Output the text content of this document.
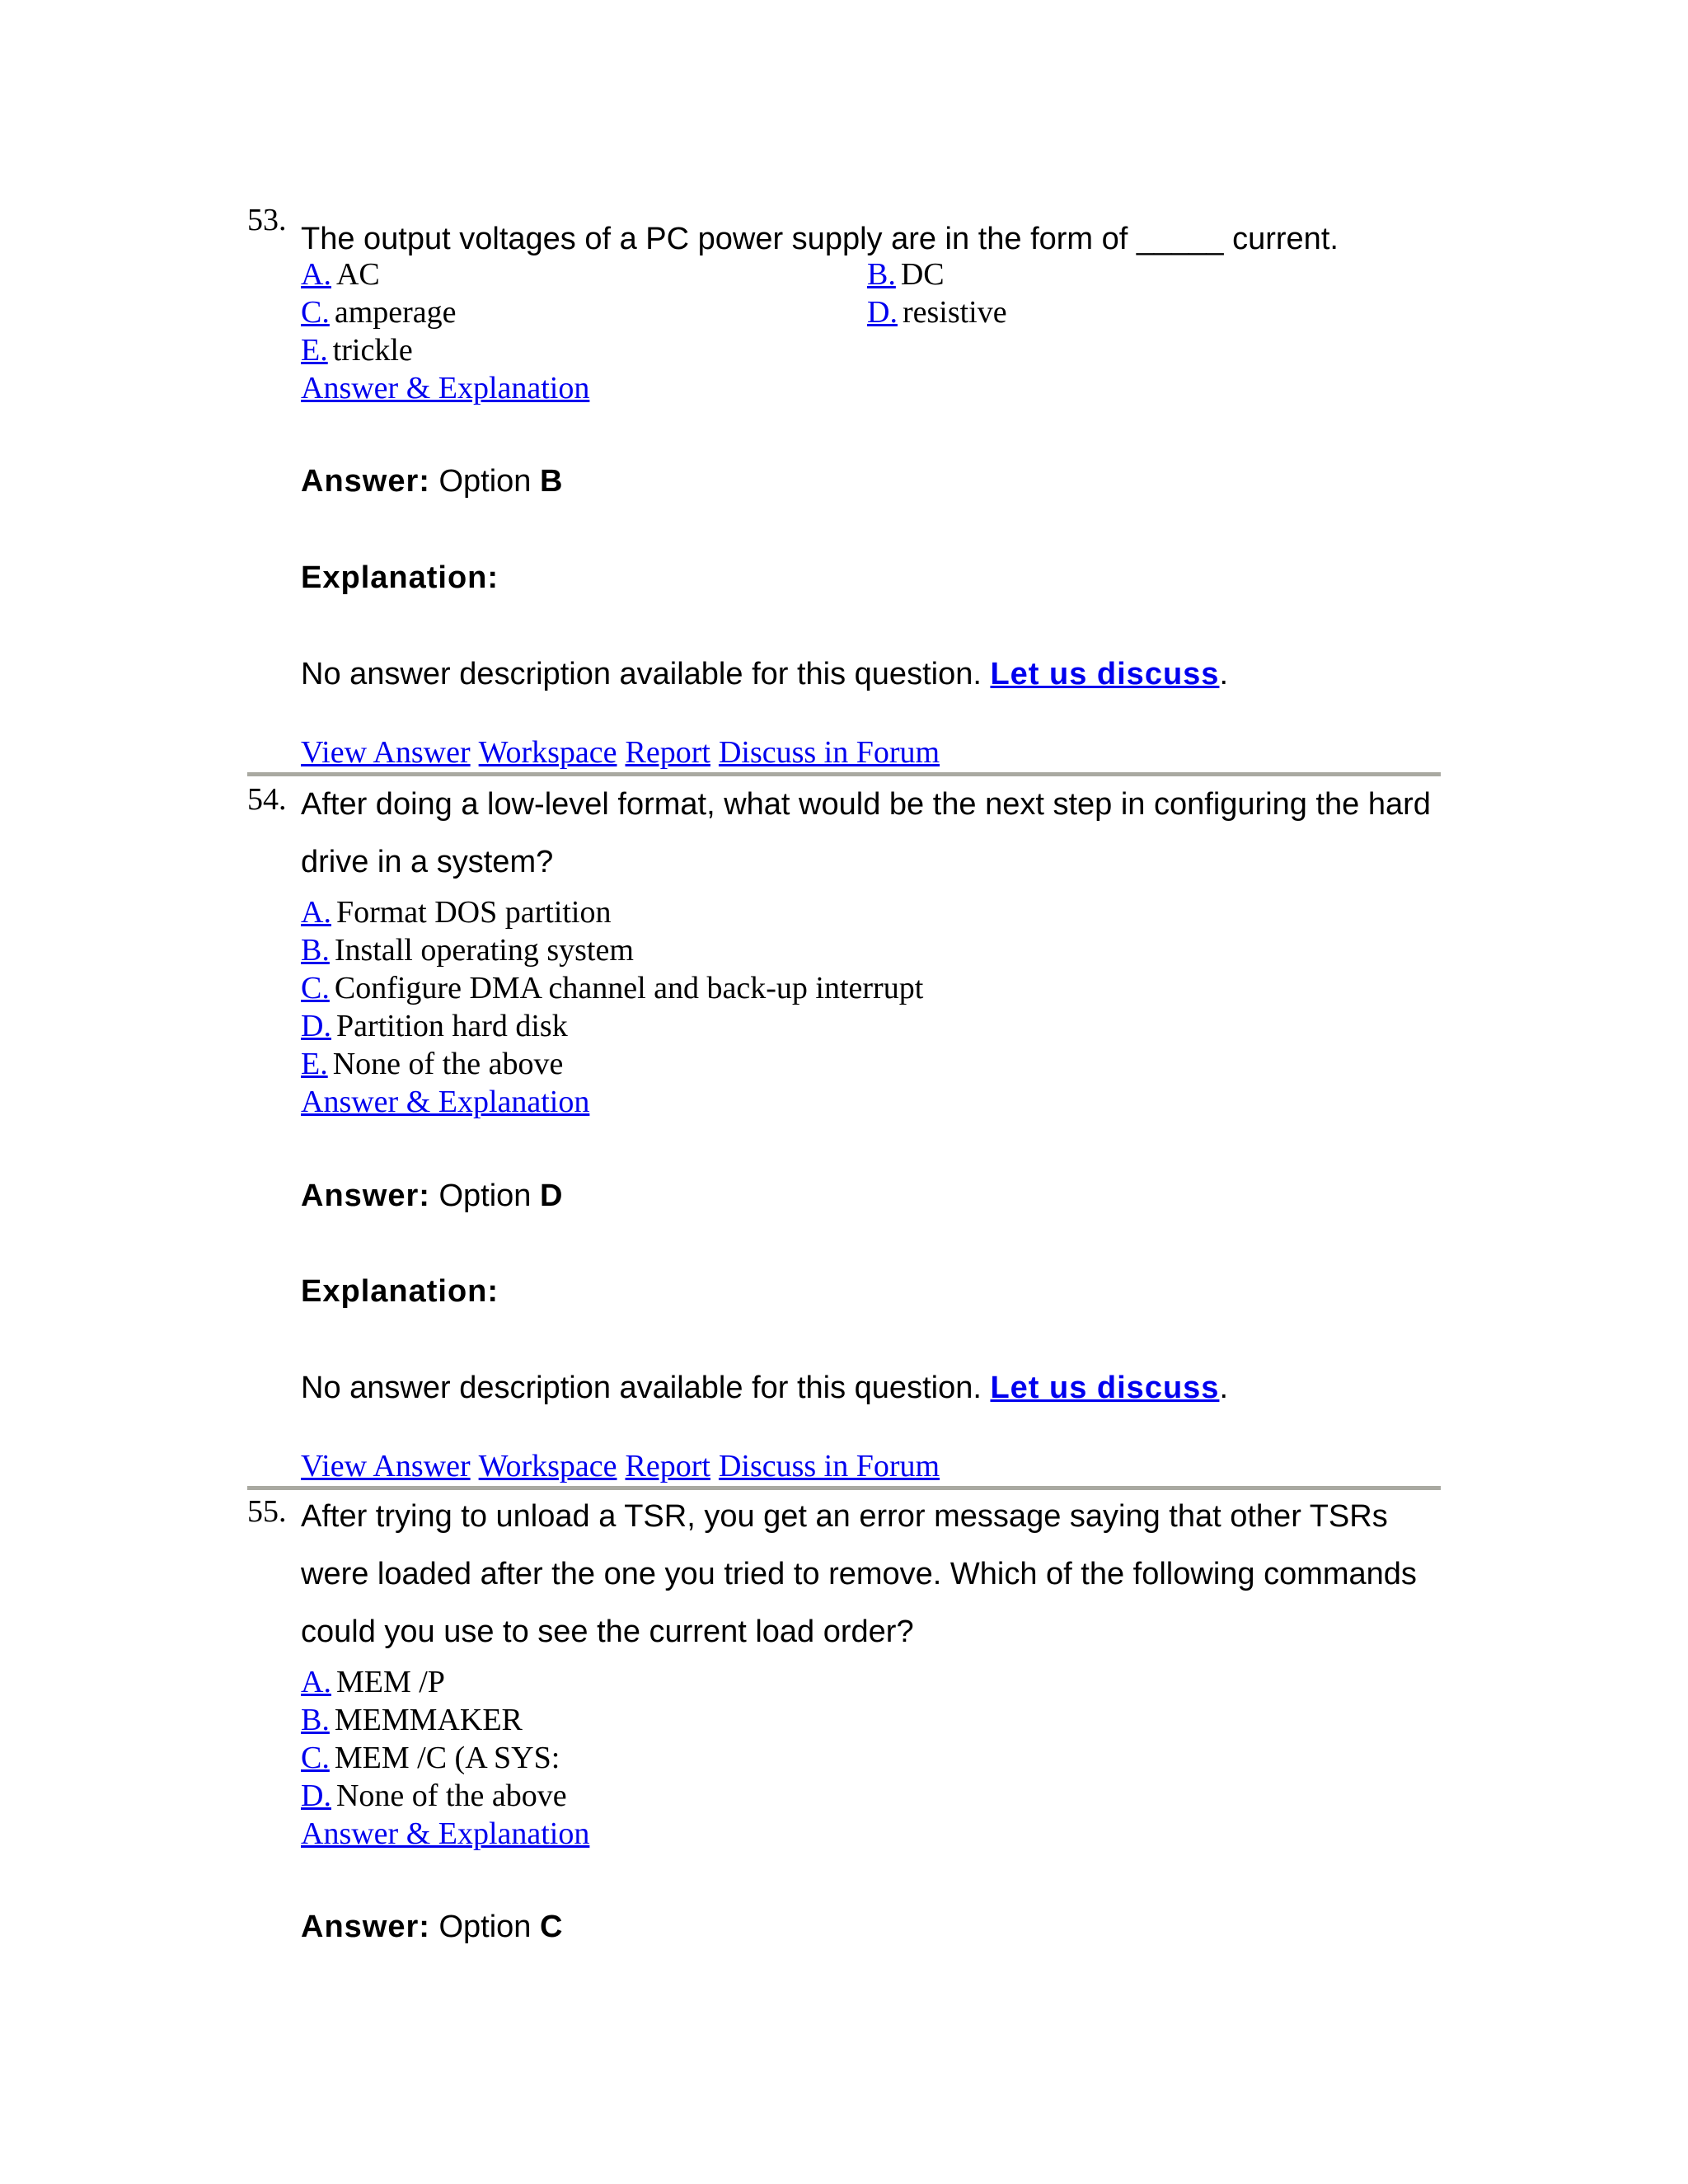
53.
The output voltages of a PC power supply are in the form of _____ current.
A. AC	B. DC
C. amperage	D. resistive
E. trickle
Answer & Explanation
Answer: Option B
Explanation:
No answer description available for this question. Let us discuss.
View Answer Workspace Report Discuss in Forum
54. After doing a low-level format, what would be the next step in configuring the hard drive in a system?
A. Format DOS partition
B. Install operating system
C. Configure DMA channel and back-up interrupt
D. Partition hard disk
E. None of the above
Answer & Explanation
Answer: Option D
Explanation:
No answer description available for this question. Let us discuss.
View Answer Workspace Report Discuss in Forum
55. After trying to unload a TSR, you get an error message saying that other TSRs were loaded after the one you tried to remove. Which of the following commands could you use to see the current load order?
A. MEM /P
B. MEMMAKER
C. MEM /C (A SYS:
D. None of the above
Answer & Explanation
Answer: Option C
